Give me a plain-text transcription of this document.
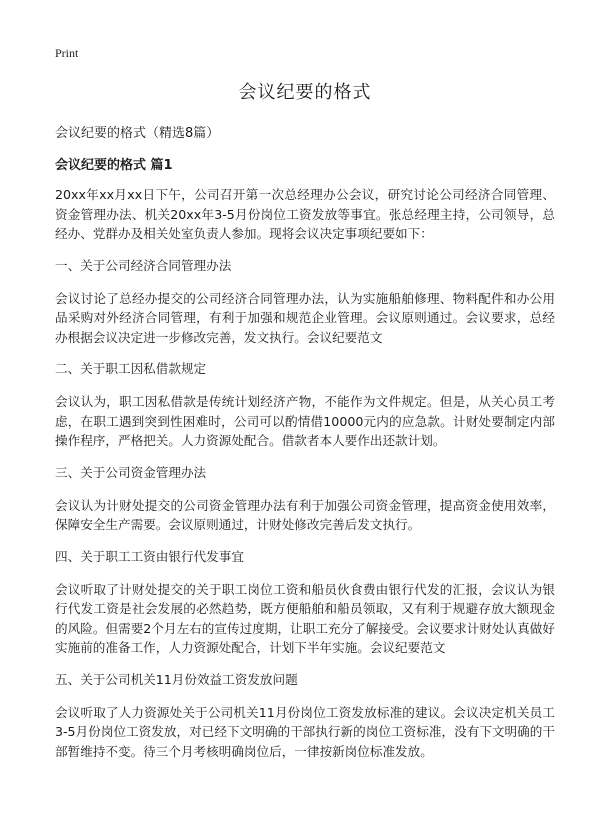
Print
会议纪要的格式
会议纪要的格式（精选8篇）
会议纪要的格式 篇1

20xx年xx月xx日下午，公司召开第一次总经理办公会议，研究讨论公司经济合同管理、资金管理办法、机关20xx年3-5月份岗位工资发放等事宜。张总经理主持，公司领导，总经办、党群办及相关处室负责人参加。现将会议决定事项纪要如下：

一、关于公司经济合同管理办法

会议讨论了总经办提交的公司经济合同管理办法，认为实施船舶修理、物料配件和办公用品采购对外经济合同管理，有利于加强和规范企业管理。会议原则通过。会议要求，总经办根据会议决定进一步修改完善，发文执行。会议纪要范文

二、关于职工因私借款规定

会议认为，职工因私借款是传统计划经济产物，不能作为文件规定。但是，从关心员工考虑，在职工遇到突到性困难时，公司可以酌情借10000元内的应急款。计财处要制定内部操作程序，严格把关。人力资源处配合。借款者本人要作出还款计划。

三、关于公司资金管理办法

会议认为计财处提交的公司资金管理办法有利于加强公司资金管理，提高资金使用效率，保障安全生产需要。会议原则通过，计财处修改完善后发文执行。

四、关于职工工资由银行代发事宜

会议听取了计财处提交的关于职工岗位工资和船员伙食费由银行代发的汇报，会议认为银行代发工资是社会发展的必然趋势，既方便船舶和船员领取，又有利于规避存放大额现金的风险。但需要2个月左右的宣传过度期，让职工充分了解接受。会议要求计财处认真做好实施前的准备工作，人力资源处配合，计划下半年实施。会议纪要范文

五、关于公司机关11月份效益工资发放问题

会议听取了人力资源处关于公司机关11月份岗位工资发放标准的建议。会议决定机关员工3-5月份岗位工资发放，对已经下文明确的干部执行新的岗位工资标准，没有下文明确的干部暂维持不变。待三个月考核明确岗位后，一律按新岗位标准发放。
